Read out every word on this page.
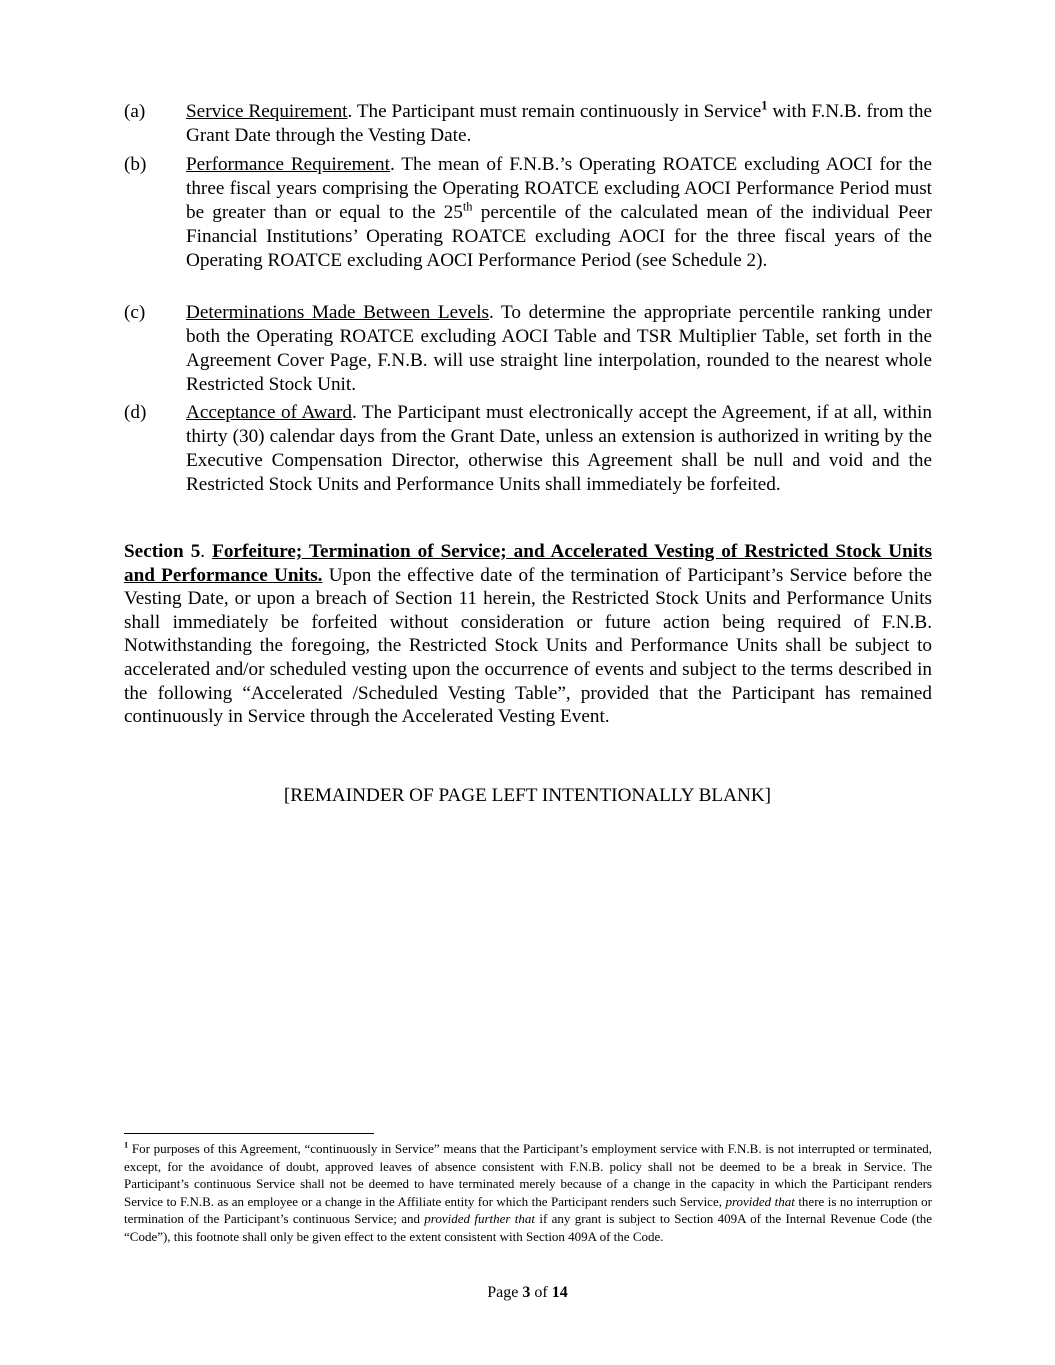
(a) Service Requirement. The Participant must remain continuously in Service$^1$ with F.N.B. from the Grant Date through the Vesting Date.
(b) Performance Requirement. The mean of F.N.B.’s Operating ROATCE excluding AOCI for the three fiscal years comprising the Operating ROATCE excluding AOCI Performance Period must be greater than or equal to the 25th percentile of the calculated mean of the individual Peer Financial Institutions’ Operating ROATCE excluding AOCI for the three fiscal years of the Operating ROATCE excluding AOCI Performance Period (see Schedule 2).
(c) Determinations Made Between Levels. To determine the appropriate percentile ranking under both the Operating ROATCE excluding AOCI Table and TSR Multiplier Table, set forth in the Agreement Cover Page, F.N.B. will use straight line interpolation, rounded to the nearest whole Restricted Stock Unit.
(d) Acceptance of Award. The Participant must electronically accept the Agreement, if at all, within thirty (30) calendar days from the Grant Date, unless an extension is authorized in writing by the Executive Compensation Director, otherwise this Agreement shall be null and void and the Restricted Stock Units and Performance Units shall immediately be forfeited.
Section 5. Forfeiture; Termination of Service; and Accelerated Vesting of Restricted Stock Units and Performance Units. Upon the effective date of the termination of Participant’s Service before the Vesting Date, or upon a breach of Section 11 herein, the Restricted Stock Units and Performance Units shall immediately be forfeited without consideration or future action being required of F.N.B. Notwithstanding the foregoing, the Restricted Stock Units and Performance Units shall be subject to accelerated and/or scheduled vesting upon the occurrence of events and subject to the terms described in the following “Accelerated /Scheduled Vesting Table”, provided that the Participant has remained continuously in Service through the Accelerated Vesting Event.
[REMAINDER OF PAGE LEFT INTENTIONALLY BLANK]
$^1$ For purposes of this Agreement, “continuously in Service” means that the Participant’s employment service with F.N.B. is not interrupted or terminated, except, for the avoidance of doubt, approved leaves of absence consistent with F.N.B. policy shall not be deemed to be a break in Service. The Participant’s continuous Service shall not be deemed to have terminated merely because of a change in the capacity in which the Participant renders Service to F.N.B. as an employee or a change in the Affiliate entity for which the Participant renders such Service, provided that there is no interruption or termination of the Participant’s continuous Service; and provided further that if any grant is subject to Section 409A of the Internal Revenue Code (the “Code”), this footnote shall only be given effect to the extent consistent with Section 409A of the Code.
Page 3 of 14
